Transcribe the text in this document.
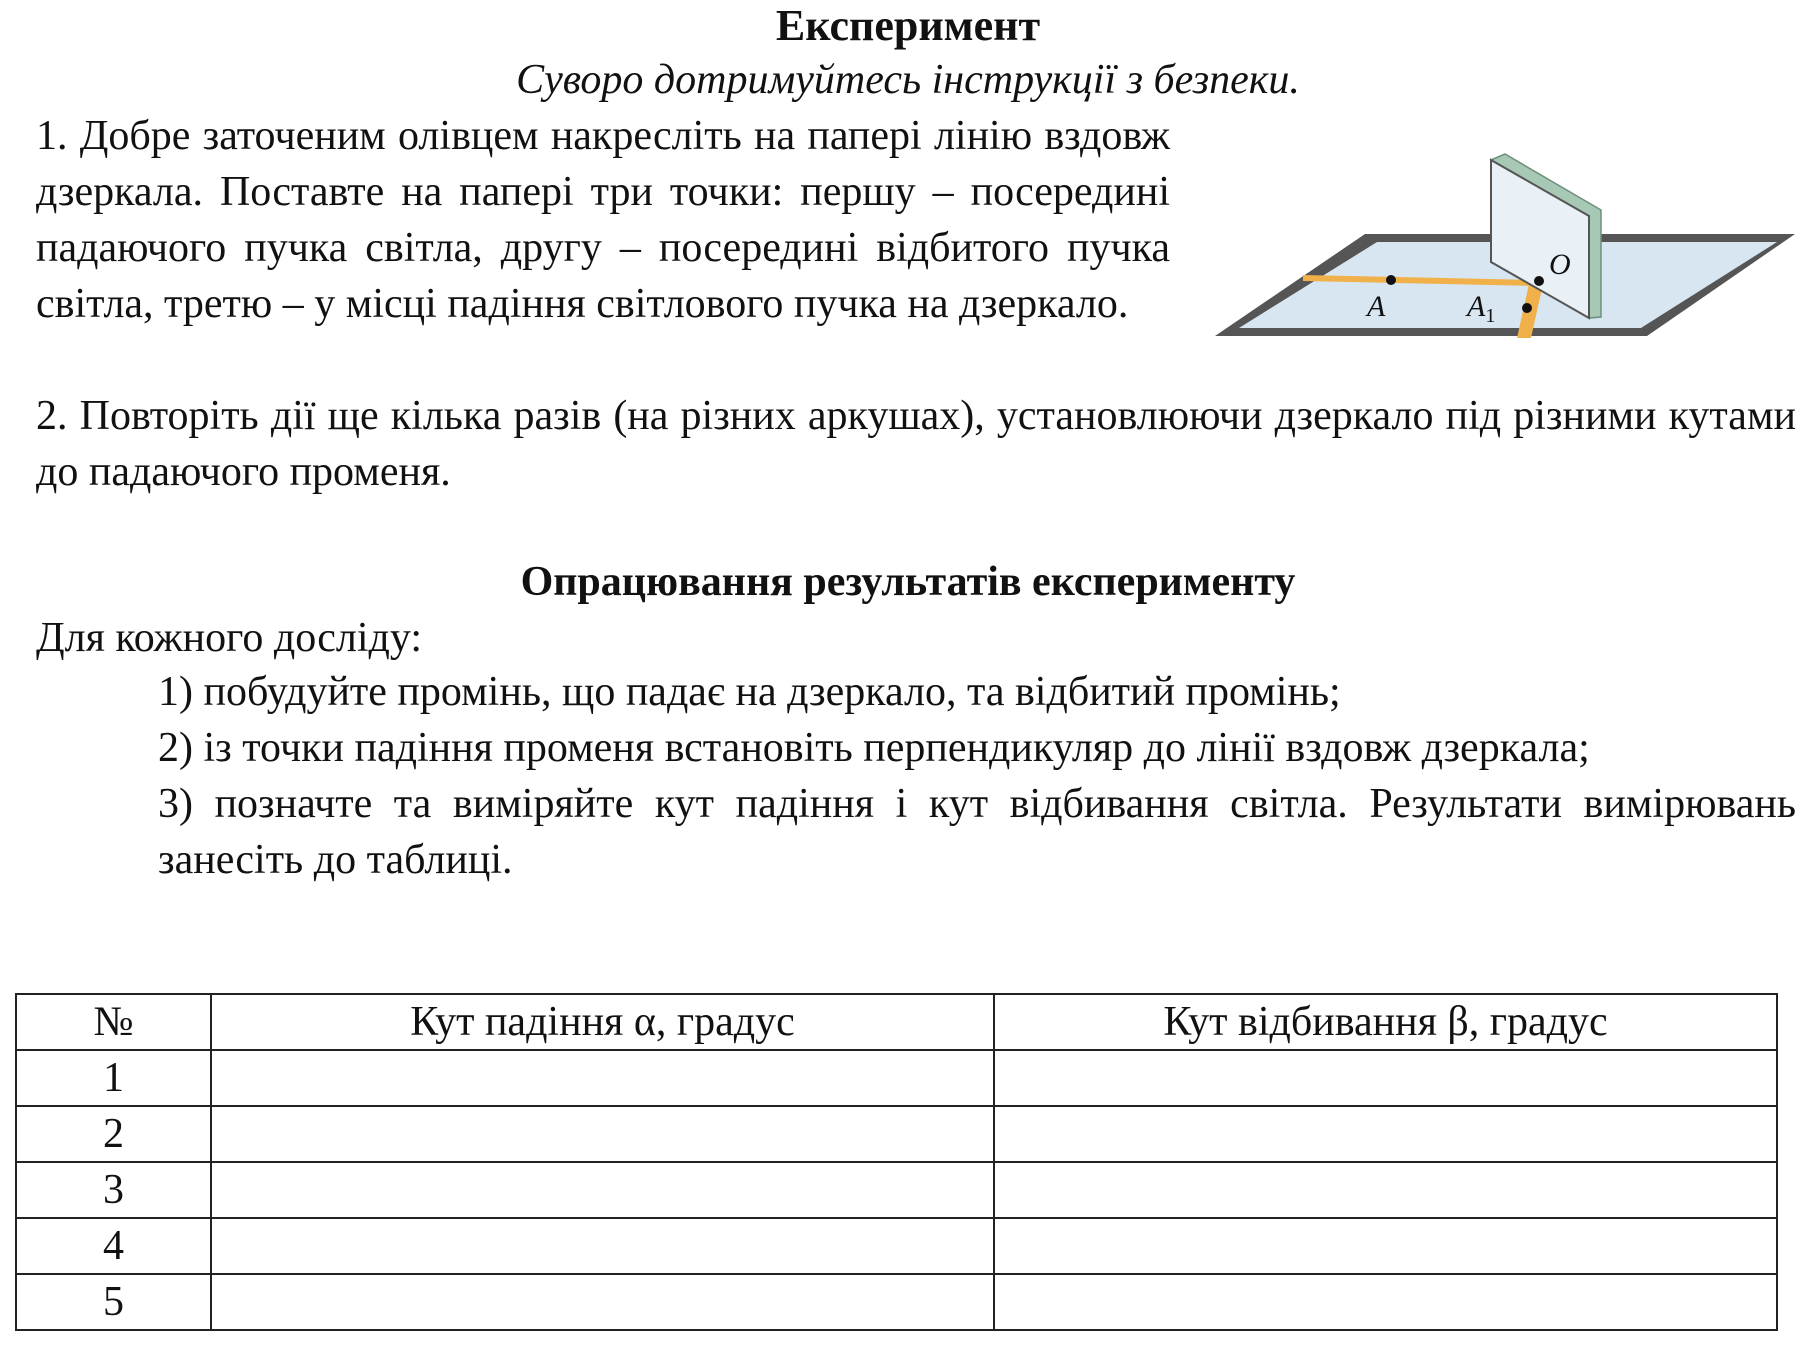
Експеримент
Суворо дотримуйтесь інструкції з безпеки.
1. Добре заточеним олівцем накресліть на папері лінію вздовж дзеркала. Поставте на папері три точки: першу – посередині падаючого пучка світла, другу – посередині відбитого пучка світла, третю – у місці падіння світлового пучка на дзеркало.
O
A	$A_1$
2. Повторіть дії ще кілька разів (на різних аркушах), установлюючи дзеркало під різними кутами до падаючого променя.
Опрацювання результатів експерименту
Для кожного досліду:
1) побудуйте промінь, що падає на дзеркало, та відбитий промінь;
2) із точки падіння променя встановіть перпендикуляр до лінії вздовж дзеркала;
3) позначте та виміряйте кут падіння і кут відбивання світла. Результати вимірювань занесіть до таблиці.
№	Кут падіння α, градус	Кут відбивання β, градус
1		
2		
3		
4		
5		
